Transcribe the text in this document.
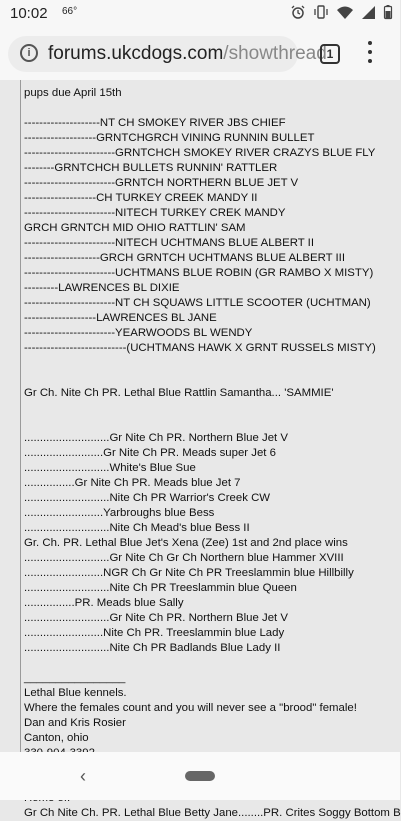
10:02 66°
i forums.ukcdogs.com/showthread 1
pups due April 15th
--------------------NT CH SMOKEY RIVER JBS CHIEF
-------------------GRNTCHGRCH VINING RUNNIN BULLET
------------------------GRNTCHCH SMOKEY RIVER CRAZYS BLUE FLY
--------GRNTCHCH BULLETS RUNNIN' RATTLER
------------------------GRNTCH NORTHERN BLUE JET V
-------------------CH TURKEY CREEK MANDY II
------------------------NITECH TURKEY CREK MANDY
GRCH GRNTCH MID OHIO RATTLIN' SAM
------------------------NITECH UCHTMANS BLUE ALBERT II
--------------------GRCH GRNTCH UCHTMANS BLUE ALBERT III
------------------------UCHTMANS BLUE ROBIN (GR RAMBO X MISTY)
---------LAWRENCES BL DIXIE
------------------------NT CH SQUAWS LITTLE SCOOTER (UCHTMAN)
-------------------LAWRENCES BL JANE
------------------------YEARWOODS BL WENDY
---------------------------(UCHTMANS HAWK X GRNT RUSSELS MISTY)
Gr Ch. Nite Ch PR. Lethal Blue Rattlin Samantha... 'SAMMIE'
...........................Gr Nite Ch PR. Northern Blue Jet V
.........................Gr Nite Ch PR. Meads super Jet 6
...........................White's Blue Sue
................Gr Nite Ch PR. Meads blue Jet 7
...........................Nite Ch PR Warrior's Creek CW
.........................Yarbroughs blue Bess
...........................Nite Ch Mead's blue Bess II
Gr. Ch. PR. Lethal Blue Jet's Xena (Zee) 1st and 2nd place wins
...........................Gr Nite Ch Gr Ch Northern blue Hammer XVIII
.........................NGR Ch Gr Nite Ch PR Treeslammin blue Hillbilly
...........................Nite Ch PR Treeslammin blue Queen
................PR. Meads blue Sally
...........................Gr Nite Ch PR. Northern Blue Jet V
.........................Nite Ch PR. Treeslammin blue Lady
...........................Nite Ch PR Badlands Blue Lady II
________________
Lethal Blue kennels.
Where the females count and you will never see a "brood" female!
Dan and Kris Rosier
Canton, ohio
Gr Ch Nite Ch. PR. Lethal Blue Betty Jane........PR. Crites Soggy Bottom B
‹
